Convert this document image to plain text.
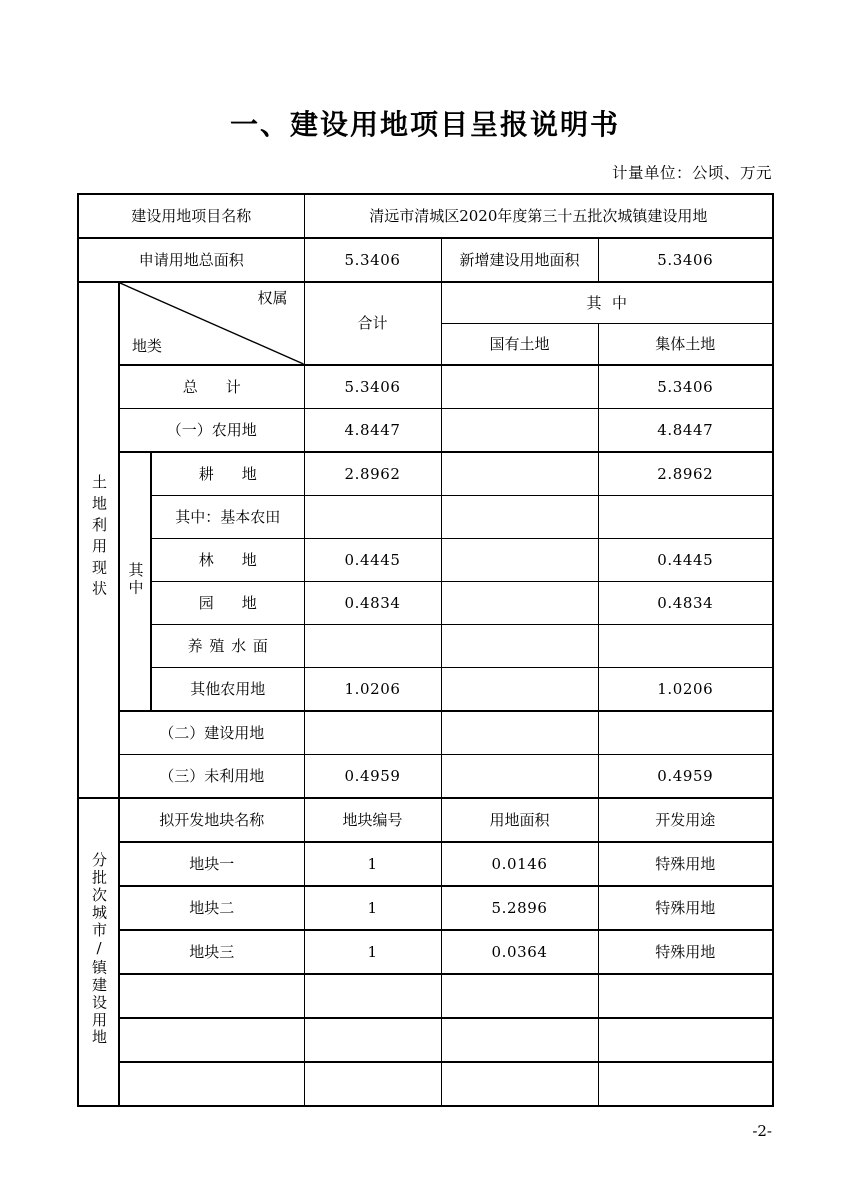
一、建设用地项目呈报说明书
计量单位：公顷、万元
建设用地项目名称			清远市清城区2020年度第三十五批次城镇建设用地		
申请用地总面积			5.3406	新增建设用地面积	5.3406
土地利用现状	权属
地类		合计	其中	
				国有土地	集体土地
	总 计		5.3406		5.3406
	（一）农用地		4.8447		4.8447
	其中	耕 地	2.8962		2.8962
		其中：基本农田			
		林 地	0.4445		0.4445
		园 地	0.4834		0.4834
		养殖水面			
		其他农用地	1.0206		1.0206
	（二）建设用地				
	（三）未利用地		0.4959		0.4959
分批次城市/镇建设用地	拟开发地块名称		地块编号	用地面积	开发用途
	地块一		1	0.0146	特殊用地
	地块二		1	5.2896	特殊用地
	地块三		1	0.0364	特殊用地

-2-
